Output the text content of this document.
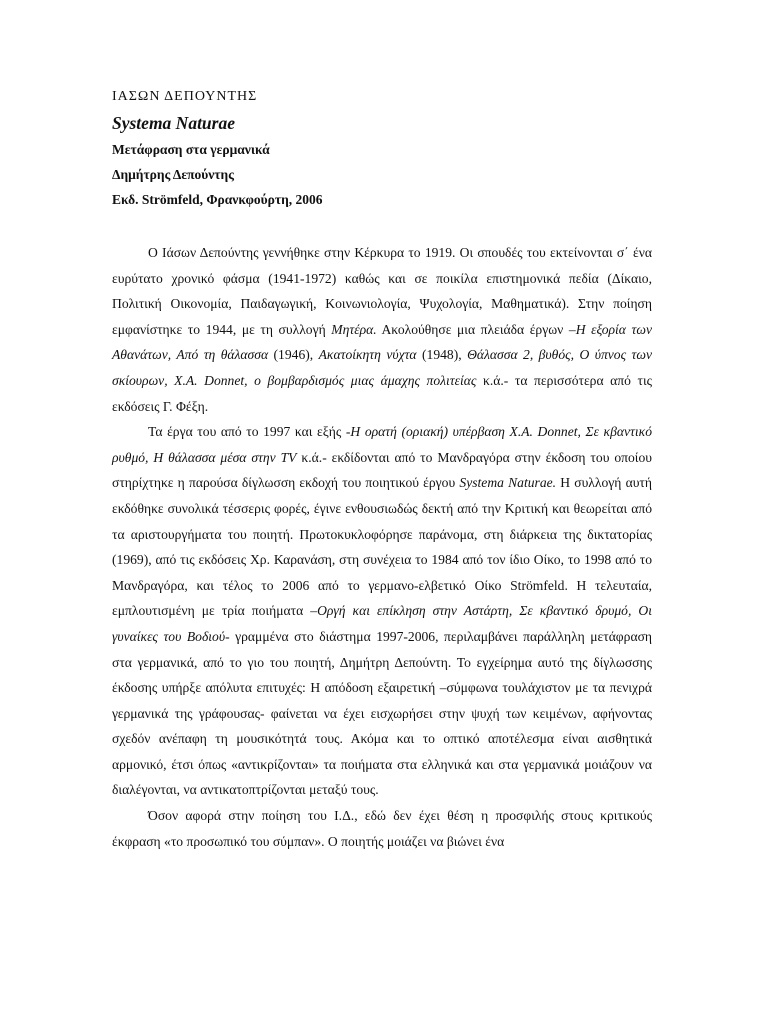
ΙΑΣΩΝ ΔΕΠΟΥΝΤΗΣ

Systema Naturae

Μετάφραση στα γερμανικά

Δημήτρης Δεπούντης

Εκδ. Strömfeld, Φρανκφούρτη, 2006

Ο Ιάσων Δεπούντης γεννήθηκε στην Κέρκυρα το 1919. Οι σπουδές του εκτείνονται σ΄ ένα ευρύτατο χρονικό φάσμα (1941-1972) καθώς και σε ποικίλα επιστημονικά πεδία (Δίκαιο, Πολιτική Οικονομία, Παιδαγωγική, Κοινωνιολογία, Ψυχολογία, Μαθηματικά). Στην ποίηση εμφανίστηκε το 1944, με τη συλλογή Μητέρα. Ακολούθησε μια πλειάδα έργων –Η εξορία των Αθανάτων, Από τη θάλασσα (1946), Ακατοίκητη νύχτα (1948), Θάλασσα 2, βυθός, Ο ύπνος των σκίουρων, Χ.Α. Donnet, ο βομβαρδισμός μιας άμαχης πολιτείας κ.ά.- τα περισσότερα από τις εκδόσεις Γ. Φέξη.

Τα έργα του από το 1997 και εξής -Η ορατή (οριακή) υπέρβαση Χ.Α. Donnet, Σε κβαντικό ρυθμό, Η θάλασσα μέσα στην TV κ.ά.- εκδίδονται από το Μανδραγόρα στην έκδοση του οποίου στηρίχτηκε η παρούσα δίγλωσση εκδοχή του ποιητικού έργου Systema Naturae. Η συλλογή αυτή εκδόθηκε συνολικά τέσσερις φορές, έγινε ενθουσιωδώς δεκτή από την Κριτική και θεωρείται από τα αριστουργήματα του ποιητή. Πρωτοκυκλοφόρησε παράνομα, στη διάρκεια της δικτατορίας (1969), από τις εκδόσεις Χρ. Καρανάση, στη συνέχεια το 1984 από τον ίδιο Οίκο, το 1998 από το Μανδραγόρα, και τέλος το 2006 από το γερμανο-ελβετικό Οίκο Strömfeld. Η τελευταία, εμπλουτισμένη με τρία ποιήματα –Οργή και επίκληση στην Αστάρτη, Σε κβαντικό δρυμό, Οι γυναίκες του Βοδιού- γραμμένα στο διάστημα 1997-2006, περιλαμβάνει παράλληλη μετάφραση στα γερμανικά, από το γιο του ποιητή, Δημήτρη Δεπούντη. Το εγχείρημα αυτό της δίγλωσσης έκδοσης υπήρξε απόλυτα επιτυχές: Η απόδοση εξαιρετική –σύμφωνα τουλάχιστον με τα πενιχρά γερμανικά της γράφουσας- φαίνεται να έχει εισχωρήσει στην ψυχή των κειμένων, αφήνοντας σχεδόν ανέπαφη τη μουσικότητά τους. Ακόμα και το οπτικό αποτέλεσμα είναι αισθητικά αρμονικό, έτσι όπως «αντικρίζονται» τα ποιήματα στα ελληνικά και στα γερμανικά μοιάζουν να διαλέγονται, να αντικατοπτρίζονται μεταξύ τους.

Όσον αφορά στην ποίηση του Ι.Δ., εδώ δεν έχει θέση η προσφιλής στους κριτικούς έκφραση «το προσωπικό του σύμπαν». Ο ποιητής μοιάζει να βιώνει ένα
